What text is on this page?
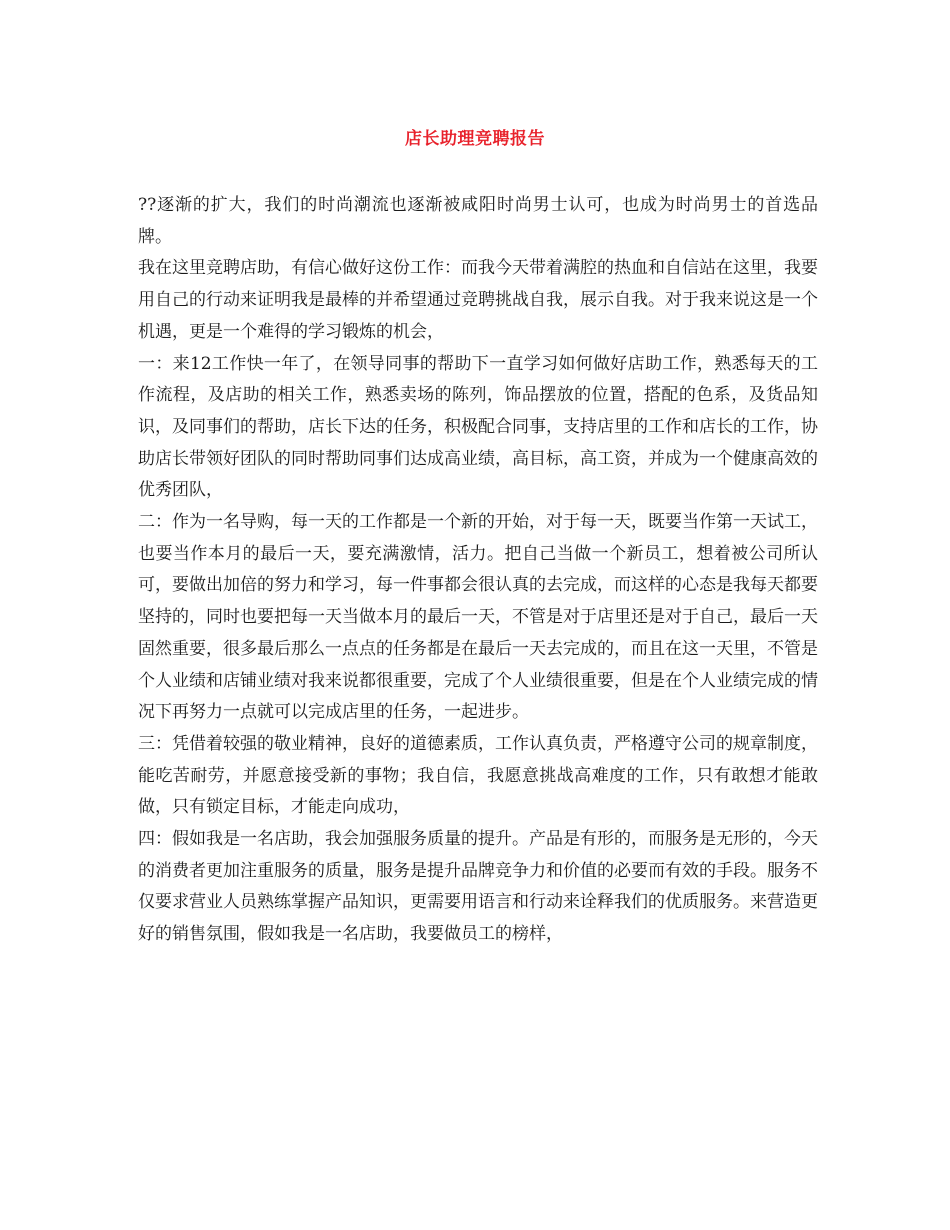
店长助理竞聘报告

??逐渐的扩大，我们的时尚潮流也逐渐被咸阳时尚男士认可，也成为时尚男士的首选品牌。

我在这里竞聘店助，有信心做好这份工作：而我今天带着满腔的热血和自信站在这里，我要用自己的行动来证明我是最棒的并希望通过竞聘挑战自我，展示自我。对于我来说这是一个机遇，更是一个难得的学习锻炼的机会，

一：来12工作快一年了，在领导同事的帮助下一直学习如何做好店助工作，熟悉每天的工作流程，及店助的相关工作，熟悉卖场的陈列，饰品摆放的位置，搭配的色系，及货品知识，及同事们的帮助，店长下达的任务，积极配合同事，支持店里的工作和店长的工作，协助店长带领好团队的同时帮助同事们达成高业绩，高目标，高工资，并成为一个健康高效的优秀团队，

二：作为一名导购，每一天的工作都是一个新的开始，对于每一天，既要当作第一天试工，也要当作本月的最后一天，要充满激情，活力。把自己当做一个新员工，想着被公司所认可，要做出加倍的努力和学习，每一件事都会很认真的去完成，而这样的心态是我每天都要坚持的，同时也要把每一天当做本月的最后一天，不管是对于店里还是对于自己，最后一天固然重要，很多最后那么一点点的任务都是在最后一天去完成的，而且在这一天里，不管是个人业绩和店铺业绩对我来说都很重要，完成了个人业绩很重要，但是在个人业绩完成的情况下再努力一点就可以完成店里的任务，一起进步。

三：凭借着较强的敬业精神，良好的道德素质，工作认真负责，严格遵守公司的规章制度，能吃苦耐劳，并愿意接受新的事物；我自信，我愿意挑战高难度的工作，只有敢想才能敢做，只有锁定目标，才能走向成功，

四：假如我是一名店助，我会加强服务质量的提升。产品是有形的，而服务是无形的，今天的消费者更加注重服务的质量，服务是提升品牌竞争力和价值的必要而有效的手段。服务不仅要求营业人员熟练掌握产品知识，更需要用语言和行动来诠释我们的优质服务。来营造更好的销售氛围，假如我是一名店助，我要做员工的榜样，
